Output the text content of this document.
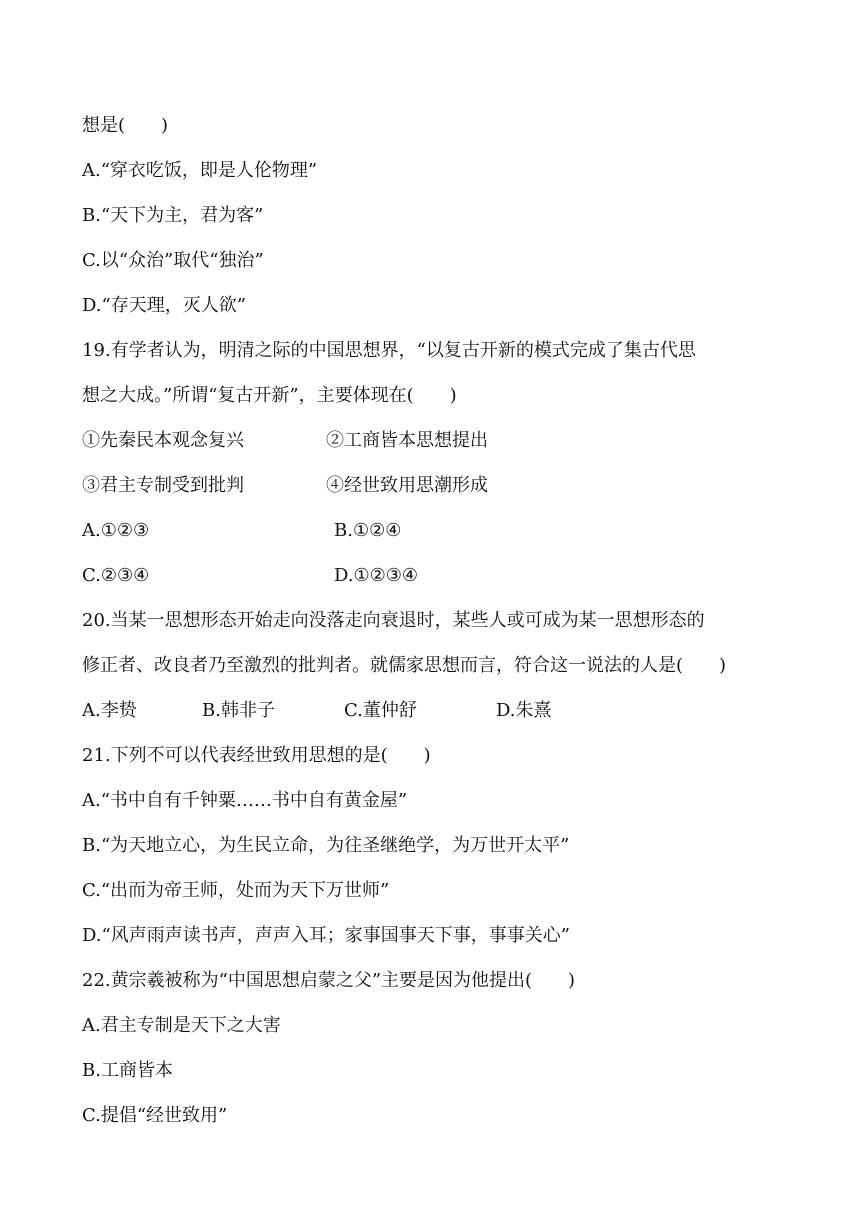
想是(　　)
A.“穿衣吃饭，即是人伦物理”
B.“天下为主，君为客”
C.以“众治”取代“独治”
D.“存天理，灭人欲”
19.有学者认为，明清之际的中国思想界，“以复古开新的模式完成了集古代思
想之大成。”所谓“复古开新”，主要体现在(　　)
①先秦民本观念复兴	②工商皆本思想提出
③君主专制受到批判	④经世致用思潮形成
A.①②③	B.①②④
C.②③④	D.①②③④
20.当某一思想形态开始走向没落走向衰退时，某些人或可成为某一思想形态的
修正者、改良者乃至激烈的批判者。就儒家思想而言，符合这一说法的人是(　　)
A.李贽	B.韩非子	C.董仲舒	D.朱熹
21.下列不可以代表经世致用思想的是(　　)
A.“书中自有千钟粟……书中自有黄金屋”
B.“为天地立心，为生民立命，为往圣继绝学，为万世开太平”
C.“出而为帝王师，处而为天下万世师”
D.“风声雨声读书声，声声入耳；家事国事天下事，事事关心”
22.黄宗羲被称为“中国思想启蒙之父”主要是因为他提出(　　)
A.君主专制是天下之大害
B.工商皆本
C.提倡“经世致用”
